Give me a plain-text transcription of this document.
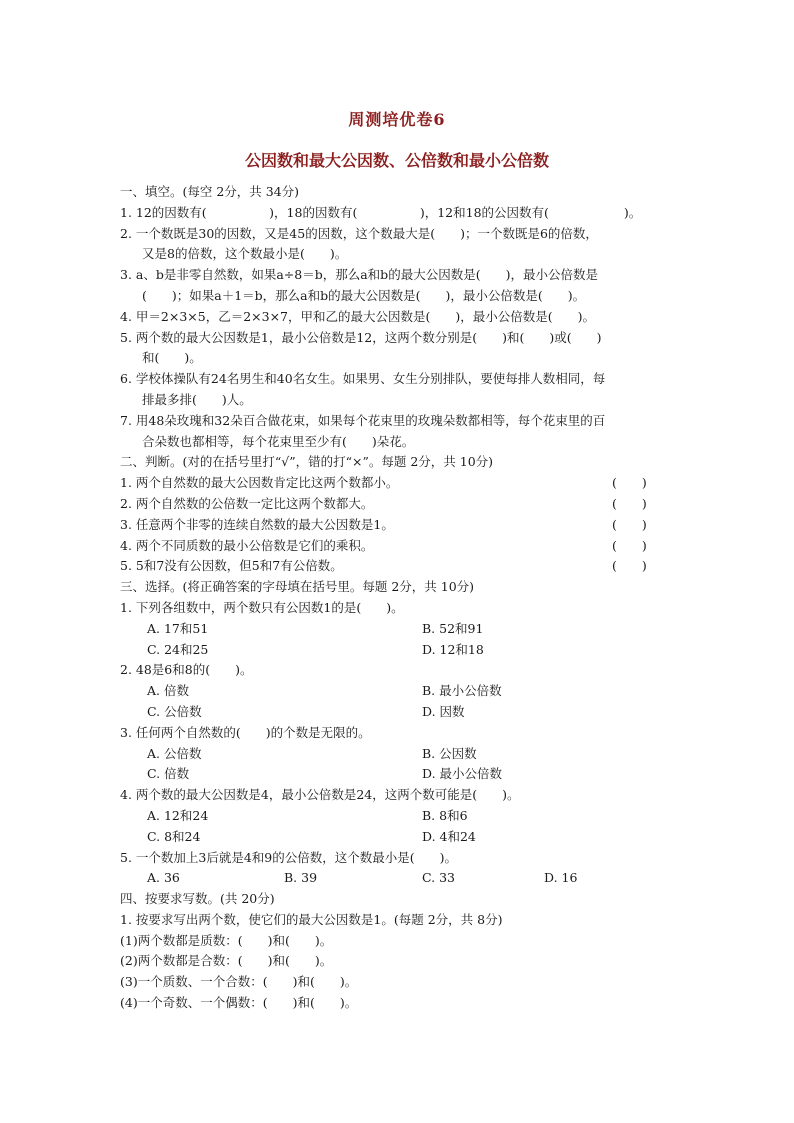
周测培优卷6
公因数和最大公因数、公倍数和最小公倍数
一、填空。(每空 2分，共 34分)
1. 12的因数有(　　　　　)，18的因数有(　　　　　)，12和18的公因数有(　　　　　　)。
2. 一个数既是30的因数，又是45的因数，这个数最大是(　　)；一个数既是6的倍数，
又是8的倍数，这个数最小是(　　)。
3. a、b是非零自然数，如果a÷8＝b，那么a和b的最大公因数是(　　)，最小公倍数是
(　　)；如果a＋1＝b，那么a和b的最大公因数是(　　)，最小公倍数是(　　)。
4. 甲＝2×3×5，乙＝2×3×7，甲和乙的最大公因数是(　　)，最小公倍数是(　　)。
5. 两个数的最大公因数是1，最小公倍数是12，这两个数分别是(　　)和(　　)或(　　)
和(　　)。
6. 学校体操队有24名男生和40名女生。如果男、女生分别排队，要使每排人数相同，每
排最多排(　　)人。
7. 用48朵玫瑰和32朵百合做花束，如果每个花束里的玫瑰朵数都相等，每个花束里的百
合朵数也都相等，每个花束里至少有(　　)朵花。
二、判断。(对的在括号里打“√”，错的打“×”。每题 2分，共 10分)
1. 两个自然数的最大公因数肯定比这两个数都小。	(　　)
2. 两个自然数的公倍数一定比这两个数都大。	(　　)
3. 任意两个非零的连续自然数的最大公因数是1。	(　　)
4. 两个不同质数的最小公倍数是它们的乘积。	(　　)
5. 5和7没有公因数，但5和7有公倍数。	(　　)
三、选择。(将正确答案的字母填在括号里。每题 2分，共 10分)
1. 下列各组数中，两个数只有公因数1的是(　　)。
A. 17和51	B. 52和91
C. 24和25	D. 12和18
2. 48是6和8的(　　)。
A. 倍数	B. 最小公倍数
C. 公倍数	D. 因数
3. 任何两个自然数的(　　)的个数是无限的。
A. 公倍数	B. 公因数
C. 倍数	D. 最小公倍数
4. 两个数的最大公因数是4，最小公倍数是24，这两个数可能是(　　)。
A. 12和24	B. 8和6
C. 8和24	D. 4和24
5. 一个数加上3后就是4和9的公倍数，这个数最小是(　　)。
A. 36	B. 39	C. 33	D. 16
四、按要求写数。(共 20分)
1. 按要求写出两个数，使它们的最大公因数是1。(每题 2分，共 8分)
(1)两个数都是质数：(　　)和(　　)。
(2)两个数都是合数：(　　)和(　　)。
(3)一个质数、一个合数：(　　)和(　　)。
(4)一个奇数、一个偶数：(　　)和(　　)。
